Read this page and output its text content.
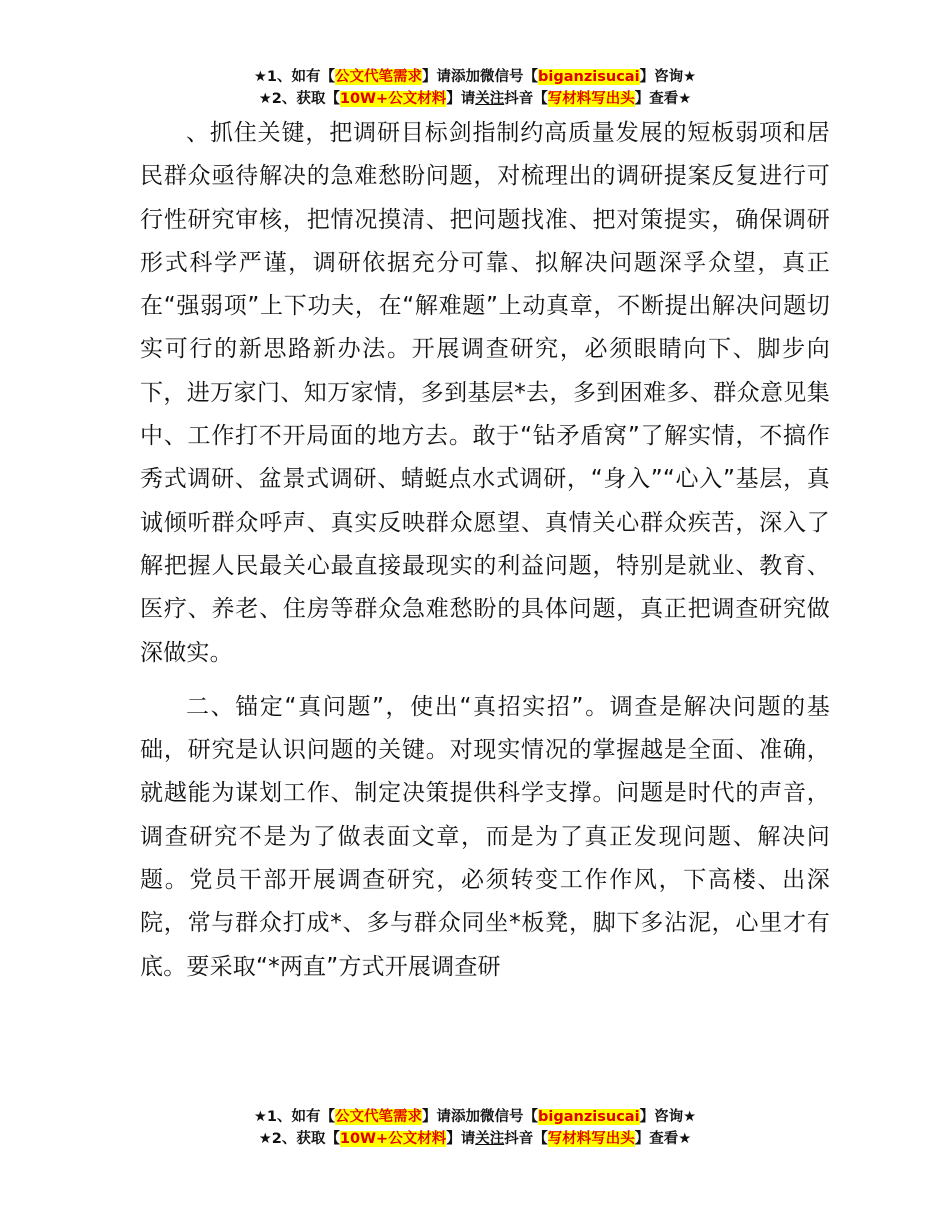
★1、如有【公文代笔需求】请添加微信号【biganzisucai】咨询★
★2、获取【10W+公文材料】请关注抖音【写材料写出头】查看★

、抓住关键，把调研目标剑指制约高质量发展的短板弱项和居民群众亟待解决的急难愁盼问题，对梳理出的调研提案反复进行可行性研究审核，把情况摸清、把问题找准、把对策提实，确保调研形式科学严谨，调研依据充分可靠、拟解决问题深孚众望，真正在“强弱项”上下功夫，在“解难题”上动真章，不断提出解决问题切实可行的新思路新办法。开展调查研究，必须眼睛向下、脚步向下，进万家门、知万家情，多到基层*去，多到困难多、群众意见集中、工作打不开局面的地方去。敢于“钻矛盾窝”了解实情，不搞作秀式调研、盆景式调研、蜻蜓点水式调研，“身入”“心入”基层，真诚倾听群众呼声、真实反映群众愿望、真情关心群众疾苦，深入了解把握人民最关心最直接最现实的利益问题，特别是就业、教育、医疗、养老、住房等群众急难愁盼的具体问题，真正把调查研究做深做实。

二、锚定“真问题”，使出“真招实招”。调查是解决问题的基础，研究是认识问题的关键。对现实情况的掌握越是全面、准确，就越能为谋划工作、制定决策提供科学支撑。问题是时代的声音，调查研究不是为了做表面文章，而是为了真正发现问题、解决问题。党员干部开展调查研究，必须转变工作作风，下高楼、出深院，常与群众打成*、多与群众同坐*板凳，脚下多沾泥，心里才有底。要采取“*两直”方式开展调查研

★1、如有【公文代笔需求】请添加微信号【biganzisucai】咨询★
★2、获取【10W+公文材料】请关注抖音【写材料写出头】查看★
